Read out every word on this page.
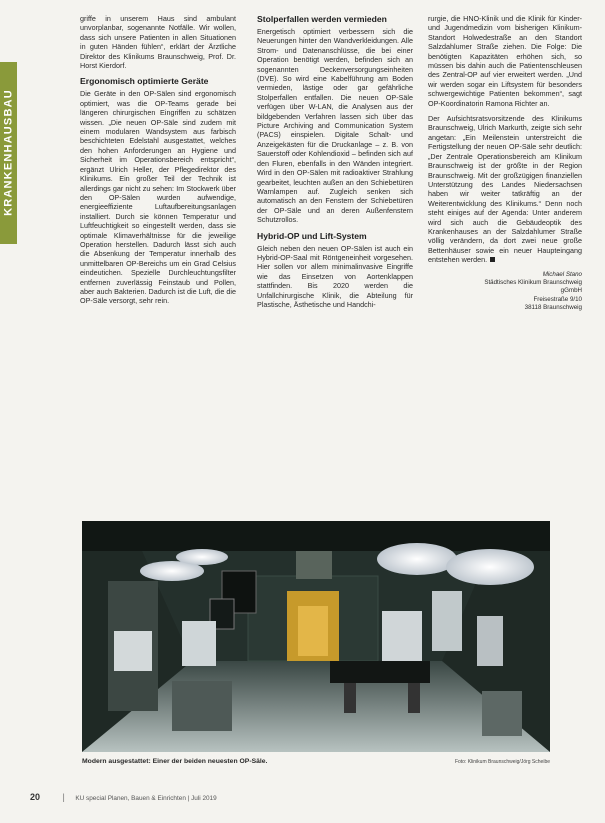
KRANKENHAUSBAU

griffe in unserem Haus sind ambulant unvorplanbar, sogenannte Notfälle. Wir wollen, dass sich unsere Patienten in allen Situationen in guten Händen fühlen“, erklärt der Ärztliche Direktor des Klinikums Braunschweig, Prof. Dr. Horst Kierdorf.

Ergonomisch optimierte Geräte

Die Geräte in den OP-Sälen sind ergonomisch optimiert, was die OP-Teams gerade bei längeren chirurgischen Eingriffen zu schätzen wissen. „Die neuen OP-Säle sind zudem mit einem modularen Wandsystem aus farbisch beschichteten Edelstahl ausgestattet, welches den hohen Anforderungen an Hygiene und Sicherheit im Operationsbereich entspricht“, ergänzt Ulrich Heller, der Pflegedirektor des Klinikums. Ein großer Teil der Technik ist allerdings gar nicht zu sehen: Im Stockwerk über den OP-Sälen wurden aufwendige, energieeffiziente Luftaufbereitungsanlagen installiert. Durch sie können Temperatur und Luftfeuchtigkeit so eingestellt werden, dass sie optimale Klimaverhältnisse für die jeweilige Operation herstellen. Dadurch lässt sich auch die Absenkung der Temperatur innerhalb des unmittelbaren OP-Bereichs um ein Grad Celsius eindeutichen. Spezielle Durchleuchtungsfilter entfernen zuverlässig Feinstaub und Pollen, aber auch Bakterien. Dadurch ist die Luft, die die OP-Säle versorgt, sehr rein.

Stolperfallen werden vermieden

Energetisch optimiert verbessern sich die Neuerungen hinter den Wandverkleidungen. Alle Strom- und Datenanschlüsse, die bei einer Operation benötigt werden, befinden sich an sogenannten Deckenversorgungseinheiten (DVE). So wird eine Kabelführung am Boden vermieden, lästige oder gar gefährliche Stolperfallen entfallen. Die neuen OP-Säle verfügen über W-LAN, die Analysen aus der bildgebenden Verfahren lassen sich über das Picture Archiving and Communication System (PACS) einspielen. Digitale Schalt- und Anzeigekästen für die Druckanlage – z. B. von Sauerstoff oder Kohlendioxid – befinden sich auf den Fluren, ebenfalls in den Wänden integriert. Wird in den OP-Sälen mit radioaktiver Strahlung gearbeitet, leuchten außen an den Schiebetüren Warnlampen auf. Zugleich senken sich automatisch an den Fenstern der Schiebetüren der OP-Säle und an deren Außenfenstern Schutzrollos.

Hybrid-OP und Lift-System

Gleich neben den neuen OP-Sälen ist auch ein Hybrid-OP-Saal mit Röntgeneinheit vorgesehen. Hier sollen vor allem minimalinvasive Eingriffe wie das Einsetzen von Aortenklappen stattfinden. Bis 2020 werden die Unfallchirurgische Klinik, die Abteilung für Plastische, Ästhetische und Handchi-

rurgie, die HNO-Klinik und die Klinik für Kinder- und Jugendmedizin vom bisherigen Klinikum-Standort Holwedestraße an den Standort Salzdahlumer Straße ziehen. Die Folge: Die benötigten Kapazitäten erhöhen sich, so müssen bis dahin auch die Patientenschleusen des Zentral-OP auf vier erweitert werden. „Und wir werden sogar ein Liftsystem für besonders schwergewichtige Patienten bekommen“, sagt OP-Koordinatorin Ramona Richter an.

Der Aufsichtsratsvorsitzende des Klinikums Braunschweig, Ulrich Markurth, zeigte sich sehr angetan: „Ein Meilenstein unterstreicht die Fertigstellung der neuen OP-Säle sehr deutlich: „Der Zentrale Operationsbereich am Klinikum Braunschweig ist der größte in der Region Braunschweig. Mit der großzügigen finanziellen Unterstützung des Landes Niedersachsen haben wir weiter tatkräftig an der Weiterentwicklung des Klinikums.“ Denn noch steht einiges auf der Agenda: Unter anderem wird sich auch die Gebäudeoptik des Krankenhauses an der Salzdahlumer Straße völlig verändern, da dort zwei neue große Bettenhäuser sowie ein neuer Haupteingang entstehen werden.

Michael Stano
Städtisches Klinikum Braunschweig
gGmbH
Freisestraße 9/10
38118 Braunschweig
Modern ausgestattet: Einer der beiden neuesten OP-Säle.	Foto: Klinikum Braunschweig/Jörg Scheibe
20	| KU special Planen, Bauen & Einrichten | Juli 2019
